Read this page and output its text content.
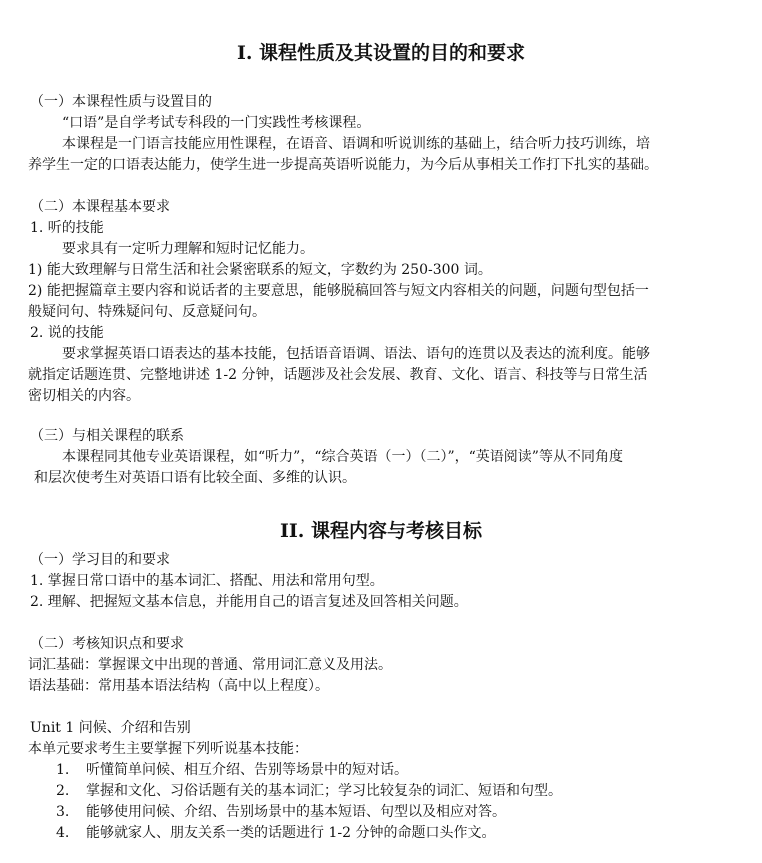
I. 课程性质及其设置的目的和要求
（一）本课程性质与设置目的
“口语”是自学考试专科段的一门实践性考核课程。
本课程是一门语言技能应用性课程，在语音、语调和听说训练的基础上，结合听力技巧训练，培
养学生一定的口语表达能力，使学生进一步提高英语听说能力，为今后从事相关工作打下扎实的基础。
（二）本课程基本要求
1. 听的技能
要求具有一定听力理解和短时记忆能力。
1) 能大致理解与日常生活和社会紧密联系的短文，字数约为 250-300 词。
2) 能把握篇章主要内容和说话者的主要意思，能够脱稿回答与短文内容相关的问题，问题句型包括一
般疑问句、特殊疑问句、反意疑问句。
2. 说的技能
要求掌握英语口语表达的基本技能，包括语音语调、语法、语句的连贯以及表达的流利度。能够
就指定话题连贯、完整地讲述 1-2 分钟，话题涉及社会发展、教育、文化、语言、科技等与日常生活
密切相关的内容。
（三）与相关课程的联系
本课程同其他专业英语课程，如“听力”，“综合英语（一）（二）”，“英语阅读”等从不同角度
和层次使考生对英语口语有比较全面、多维的认识。
II. 课程内容与考核目标
（一）学习目的和要求
1. 掌握日常口语中的基本词汇、搭配、用法和常用句型。
2. 理解、把握短文基本信息，并能用自己的语言复述及回答相关问题。
（二）考核知识点和要求
词汇基础：掌握课文中出现的普通、常用词汇意义及用法。
语法基础：常用基本语法结构（高中以上程度）。
Unit 1 问候、介绍和告别
本单元要求考生主要掌握下列听说基本技能：
1. 听懂简单问候、相互介绍、告别等场景中的短对话。
2. 掌握和文化、习俗话题有关的基本词汇；学习比较复杂的词汇、短语和句型。
3. 能够使用问候、介绍、告别场景中的基本短语、句型以及相应对答。
4. 能够就家人、朋友关系一类的话题进行 1-2 分钟的命题口头作文。
